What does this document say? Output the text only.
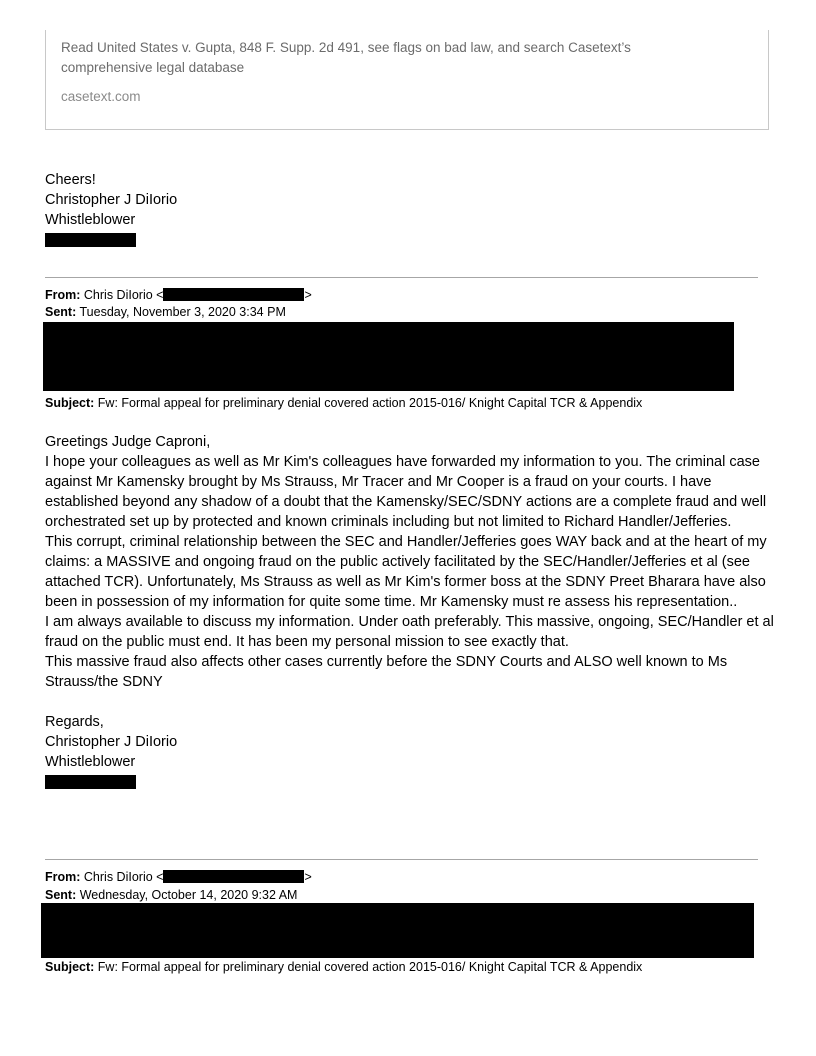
Read United States v. Gupta, 848 F. Supp. 2d 491, see flags on bad law, and search Casetext’s comprehensive legal database
casetext.com
Cheers!
Christopher J DiIorio
Whistleblower
From: Chris DiIorio <	>
Sent: Tuesday, November 3, 2020 3:34 PM
Subject: Fw: Formal appeal for preliminary denial covered action 2015-016/ Knight Capital TCR & Appendix

Greetings Judge Caproni,

I hope your colleagues as well as Mr Kim's colleagues have forwarded my information to you. The criminal case against Mr Kamensky brought by Ms Strauss, Mr Tracer and Mr Cooper is a fraud on your courts. I have established beyond any shadow of a doubt that the Kamensky/SEC/SDNY actions are a complete fraud and well orchestrated set up by protected and known criminals including but not limited to Richard Handler/Jefferies.

This corrupt, criminal relationship between the SEC and Handler/Jefferies goes WAY back and at the heart of my claims: a MASSIVE and ongoing fraud on the public actively facilitated by the SEC/Handler/Jefferies et al (see attached TCR). Unfortunately, Ms Strauss as well as Mr Kim's former boss at the SDNY Preet Bharara have also been in possession of my information for quite some time. Mr Kamensky must re assess his representation..

I am always available to discuss my information. Under oath preferably. This massive, ongoing, SEC/Handler et al fraud on the public must end. It has been my personal mission to see exactly that.

This massive fraud also affects other cases currently before the SDNY Courts and ALSO well known to Ms Strauss/the SDNY

Regards,
Christopher J DiIorio
Whistleblower
From: Chris DiIorio <	>
Sent: Wednesday, October 14, 2020 9:32 AM
Subject: Fw: Formal appeal for preliminary denial covered action 2015-016/ Knight Capital TCR & Appendix
